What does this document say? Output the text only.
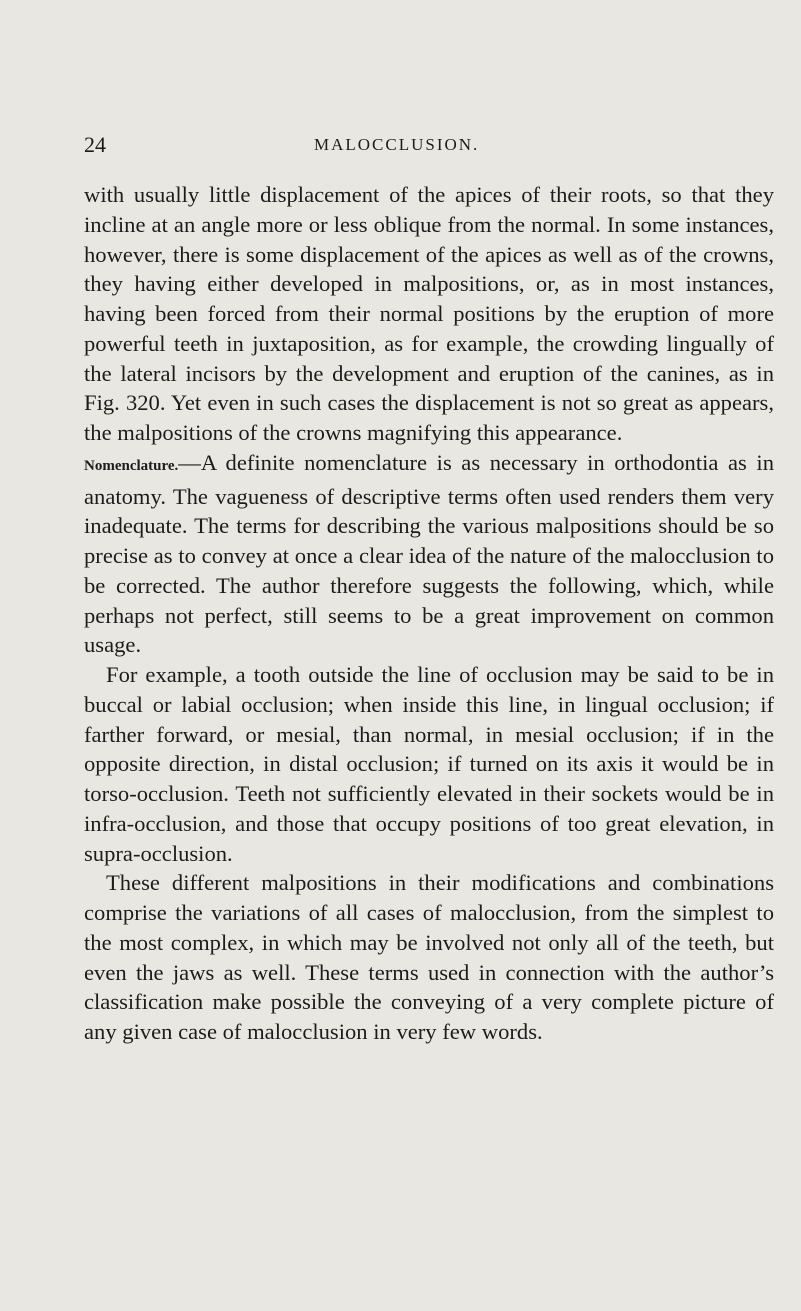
24	MALOCCLUSION.

with usually little displacement of the apices of their roots, so that they incline at an angle more or less oblique from the normal. In some instances, however, there is some displacement of the apices as well as of the crowns, they having either developed in malpositions, or, as in most instances, having been forced from their normal positions by the eruption of more powerful teeth in juxtaposition, as for example, the crowding lingually of the lateral incisors by the development and eruption of the canines, as in Fig. 320. Yet even in such cases the displacement is not so great as appears, the malpositions of the crowns magnifying this appearance.

Nomenclature.—A definite nomenclature is as necessary in orthodontia as in anatomy. The vagueness of descriptive terms often used renders them very inadequate. The terms for describing the various malpositions should be so precise as to convey at once a clear idea of the nature of the malocclusion to be corrected. The author therefore suggests the following, which, while perhaps not perfect, still seems to be a great improvement on common usage.

For example, a tooth outside the line of occlusion may be said to be in buccal or labial occlusion; when inside this line, in lingual occlusion; if farther forward, or mesial, than normal, in mesial occlusion; if in the opposite direction, in distal occlusion; if turned on its axis it would be in torso-occlusion. Teeth not sufficiently elevated in their sockets would be in infra-occlusion, and those that occupy positions of too great elevation, in supra-occlusion.

These different malpositions in their modifications and combinations comprise the variations of all cases of malocclusion, from the simplest to the most complex, in which may be involved not only all of the teeth, but even the jaws as well. These terms used in connection with the author’s classification make possible the conveying of a very complete picture of any given case of malocclusion in very few words.
